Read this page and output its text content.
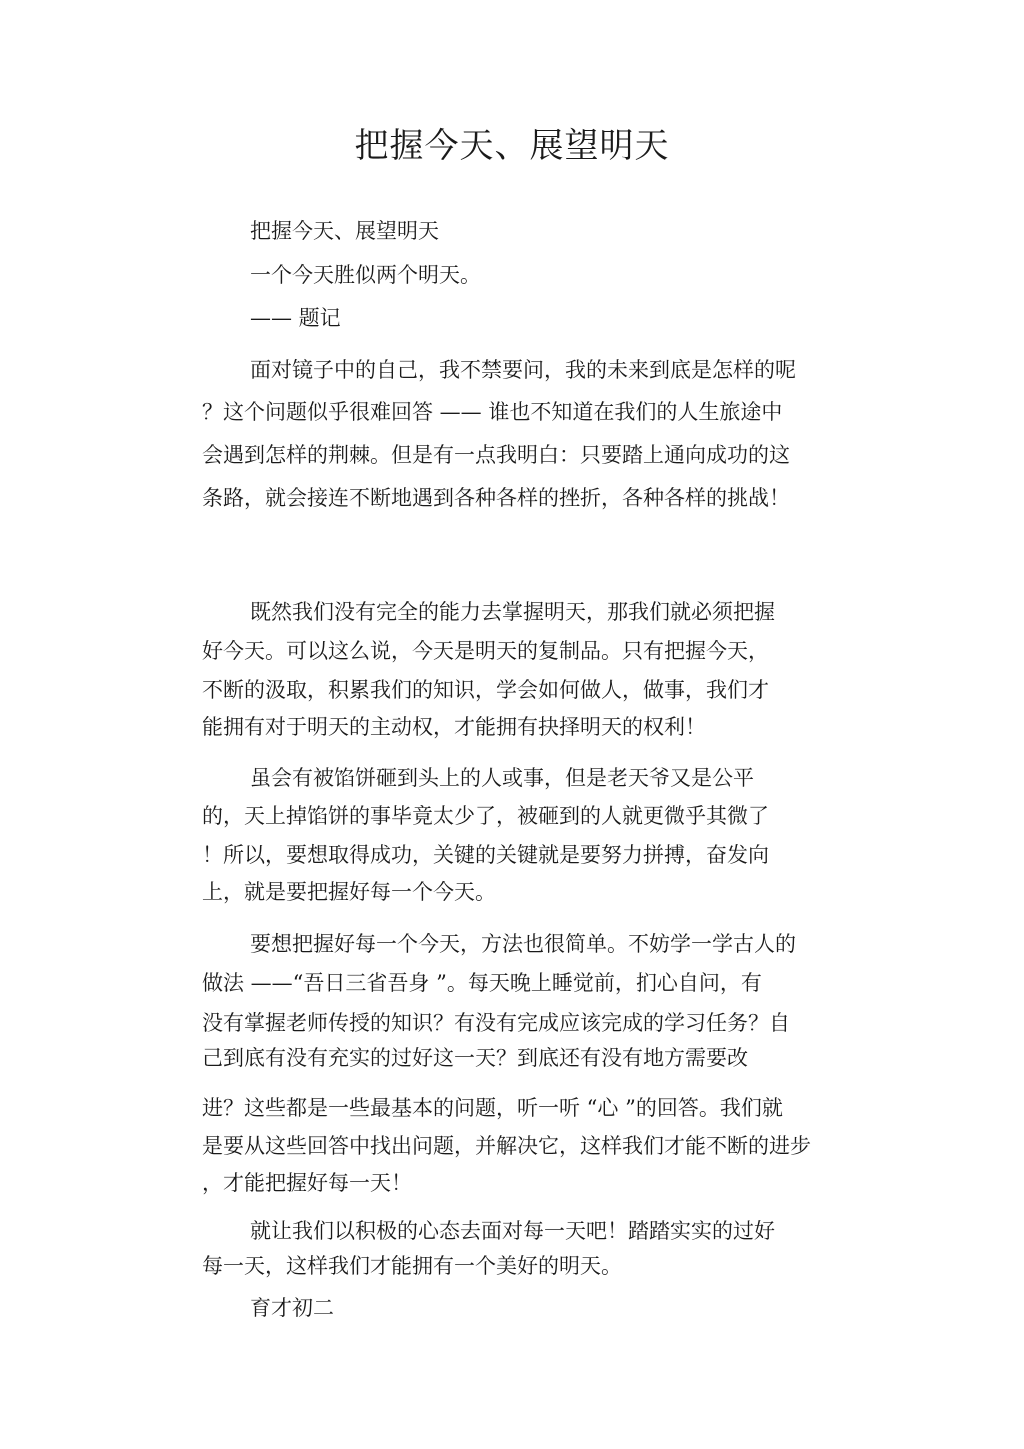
把握今天、展望明天
把握今天、展望明天
一个今天胜似两个明天。
—— 题记
面对镜子中的自己，我不禁要问，我的未来到底是怎样的呢
？这个问题似乎很难回答 —— 谁也不知道在我们的人生旅途中
会遇到怎样的荆棘。但是有一点我明白：只要踏上通向成功的这
条路，就会接连不断地遇到各种各样的挫折，各种各样的挑战！
既然我们没有完全的能力去掌握明天，那我们就必须把握
好今天。可以这么说，今天是明天的复制品。只有把握今天，
不断的汲取，积累我们的知识，学会如何做人，做事，我们才
能拥有对于明天的主动权，才能拥有抉择明天的权利！
虽会有被馅饼砸到头上的人或事，但是老天爷又是公平
的，天上掉馅饼的事毕竟太少了，被砸到的人就更微乎其微了
！所以，要想取得成功，关键的关键就是要努力拼搏，奋发向
上，就是要把握好每一个今天。
要想把握好每一个今天，方法也很简单。不妨学一学古人的
做法 ——“吾日三省吾身 ”。每天晚上睡觉前，扪心自问，有
没有掌握老师传授的知识？有没有完成应该完成的学习任务？自
己到底有没有充实的过好这一天？到底还有没有地方需要改
进？这些都是一些最基本的问题，听一听 “心 ”的回答。我们就
是要从这些回答中找出问题，并解决它，这样我们才能不断的进步
，才能把握好每一天！
就让我们以积极的心态去面对每一天吧！踏踏实实的过好
每一天，这样我们才能拥有一个美好的明天。
育才初二
